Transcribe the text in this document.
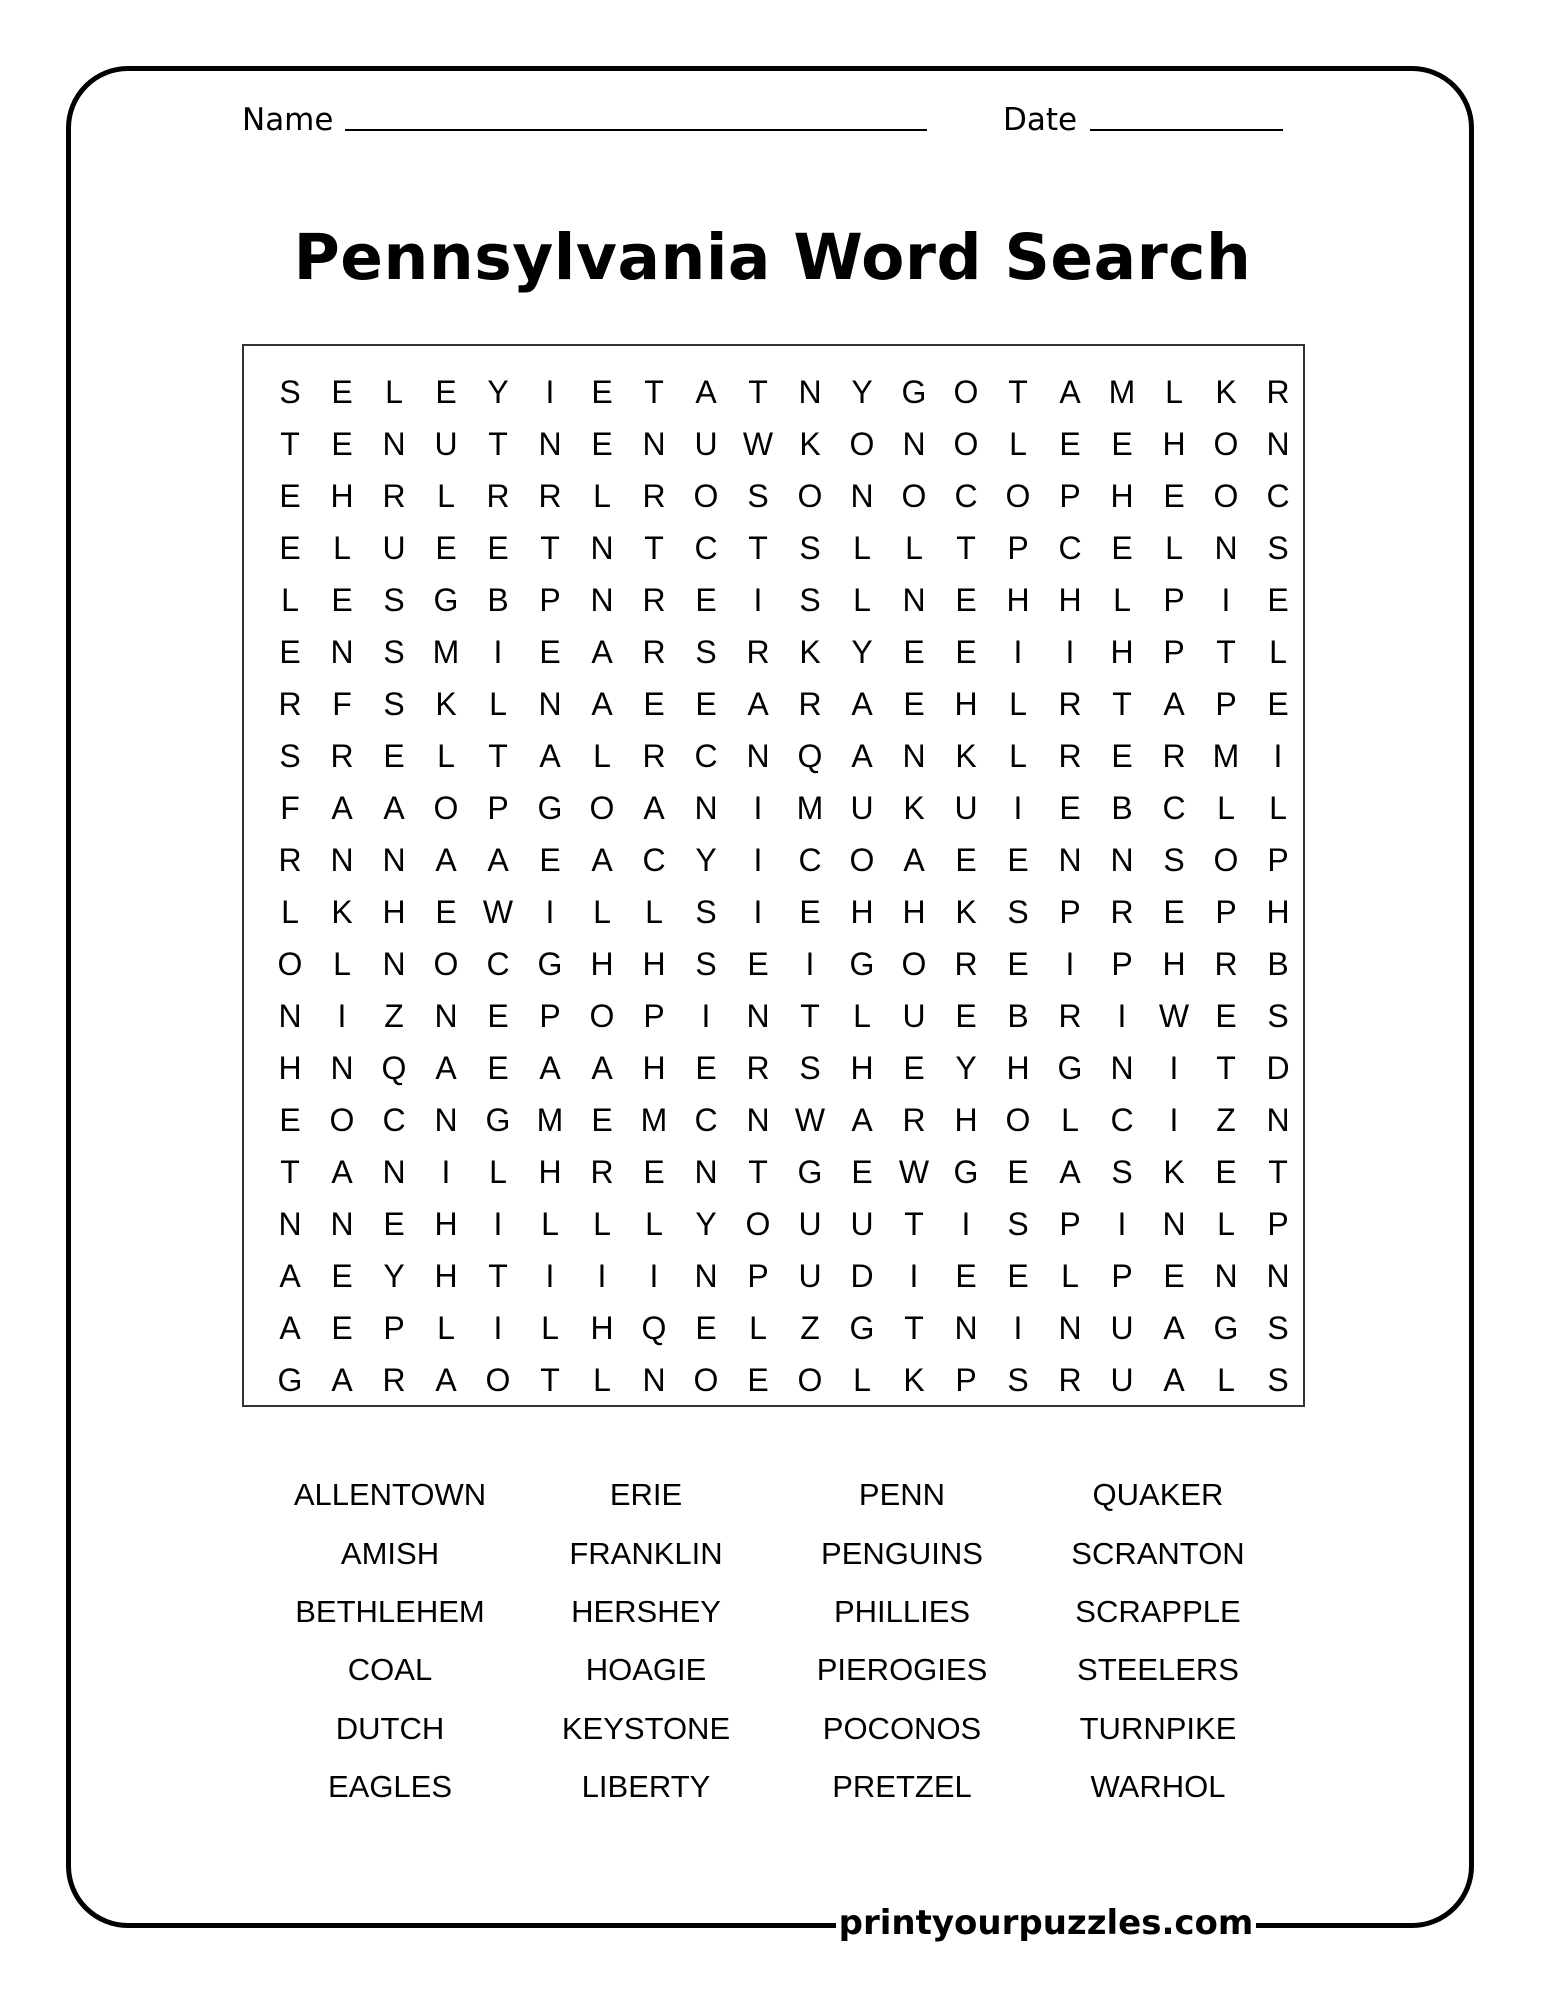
Name	Date
Pennsylvania Word Search
S E	L	E Y	I	E T A T N Y G O T A M L	K R
T E N U T N E N U W K O N O L	E E H O N
E H R L R R L R O S O N O C O P H E O C
E	L U E E T N T C T S	L	L	T P C E	L N S
L	E S G B P N R E	I	S	L N E H H L	P	I	E
E N S M	I	E A R S R K Y E E	I	I	H P T	L
R F S K	L N A E E A R A E H L R T A P E
S R E	L	T A	L R C N Q A N K	L R E R M	I
F A A O P G O A N	I	M U K U	I	E B C L	L
R N N A A E A C Y	I	C O A E E N N S O P
L	K H E W	I	L	L	S	I	E H H K S P R E P H
O L N O C G H H S E	I	G O R E	I	P H R B
N	I	Z N E P O P	I	N T	L U E B R	I	W E S
H N Q A E A A H E R S H E Y H G N	I	T D
E O C N G M E M C N W A R H O L C	I	Z N
T A N	I	L H R E N T G E W G E A S K E T
N N E H	I	L	L	L	Y O U U T	I	S P	I	N L	P
A E Y H T	I	I	I	N P U D	I	E E	L	P E N N
A E P	L	I	L H Q E	L	Z G T N	I	N U A G S
G A R A O T	L N O E O L	K P S R U A	L	S
ALLENTOWN	ERIE	PENN	QUAKER
AMISH	FRANKLIN	PENGUINS	SCRANTON
BETHLEHEM	HERSHEY	PHILLIES	SCRAPPLE
COAL	HOAGIE	PIEROGIES	STEELERS
DUTCH	KEYSTONE	POCONOS	TURNPIKE
EAGLES	LIBERTY	PRETZEL	WARHOL
printyourpuzzles.com
